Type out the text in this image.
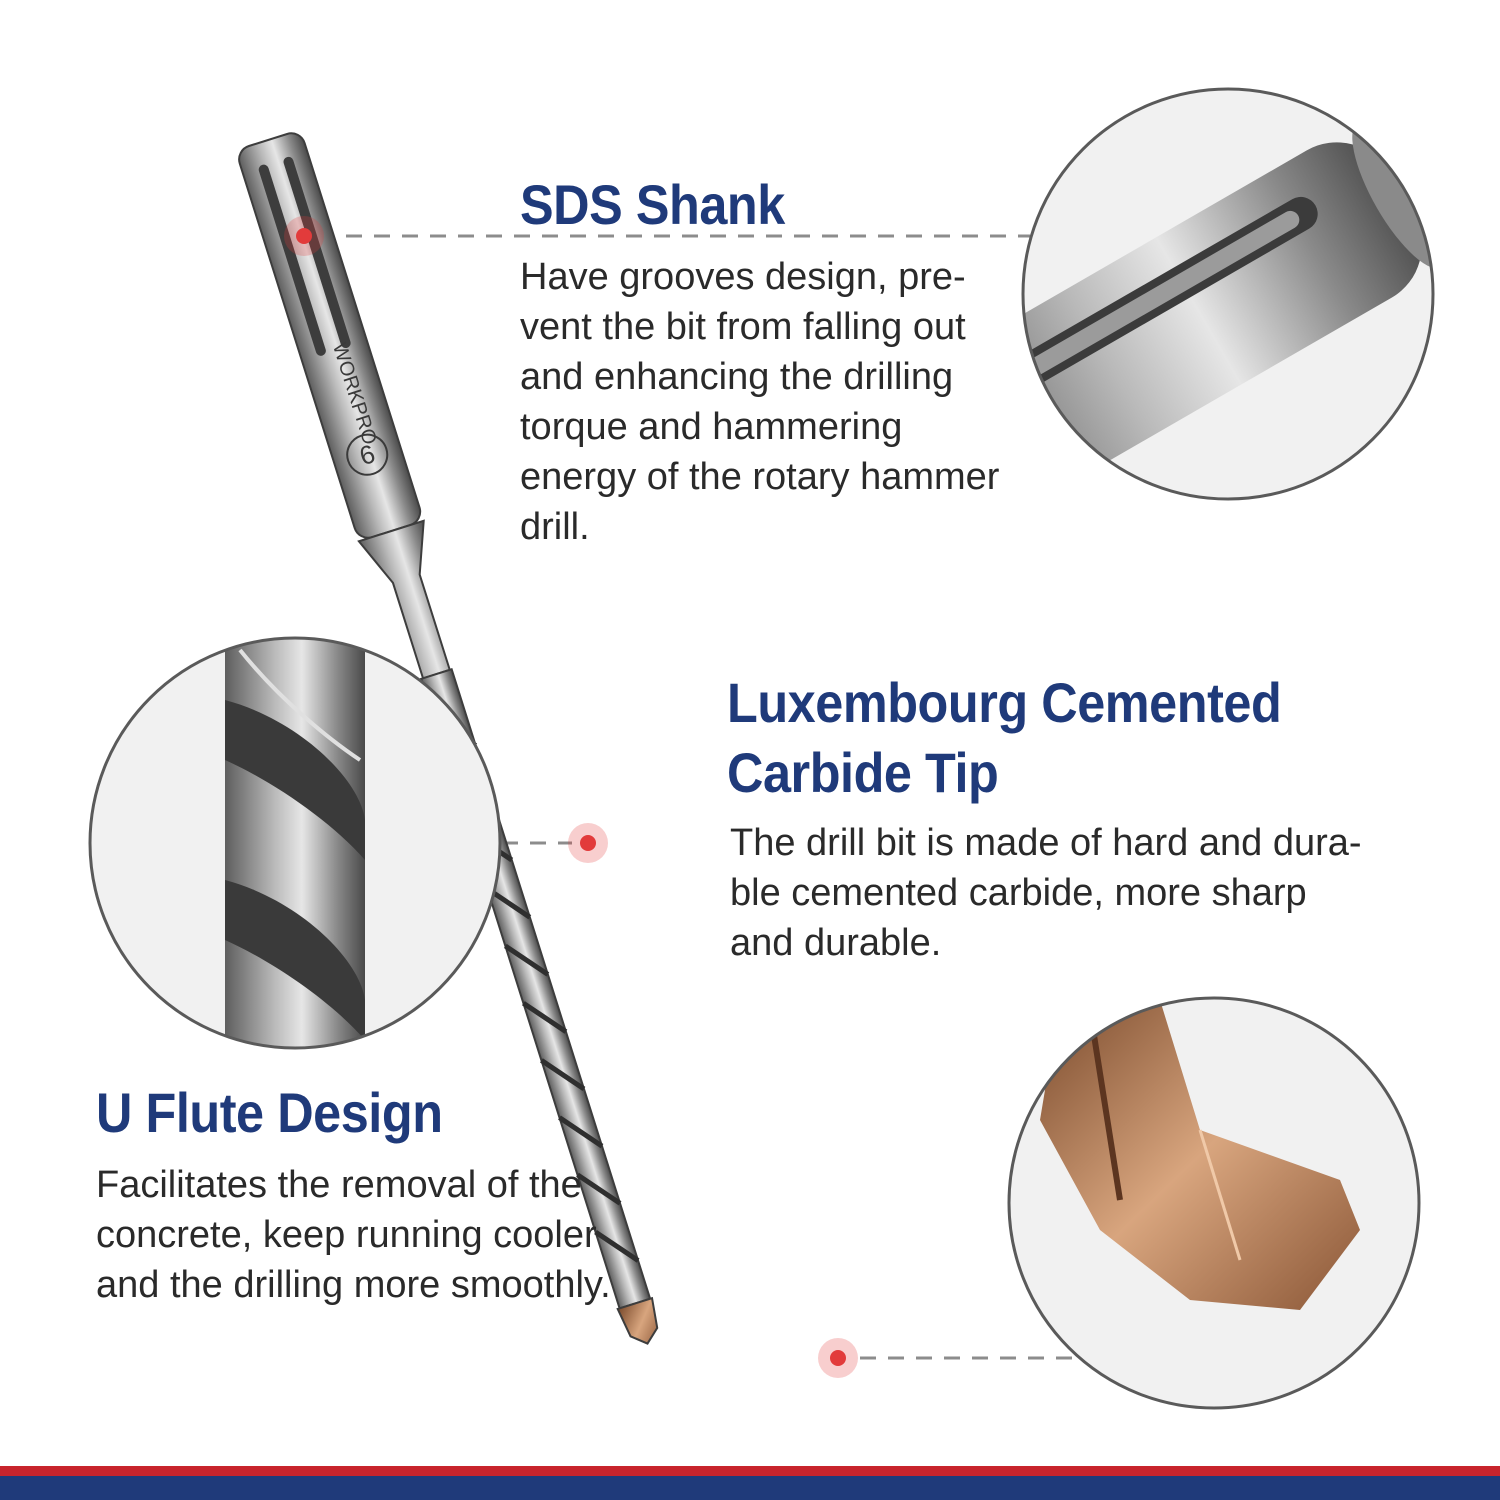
WORKPRO
6
SDS Shank

Have grooves design, pre-
vent the bit from falling out
and enhancing the drilling
torque and hammering
energy of the rotary hammer
drill.

Luxembourg Cemented
Carbide Tip

The drill bit is made of hard and dura-
ble cemented carbide, more sharp
and durable.

U Flute Design

Facilitates the removal of the
concrete, keep running cooler
and the drilling more smoothly.
